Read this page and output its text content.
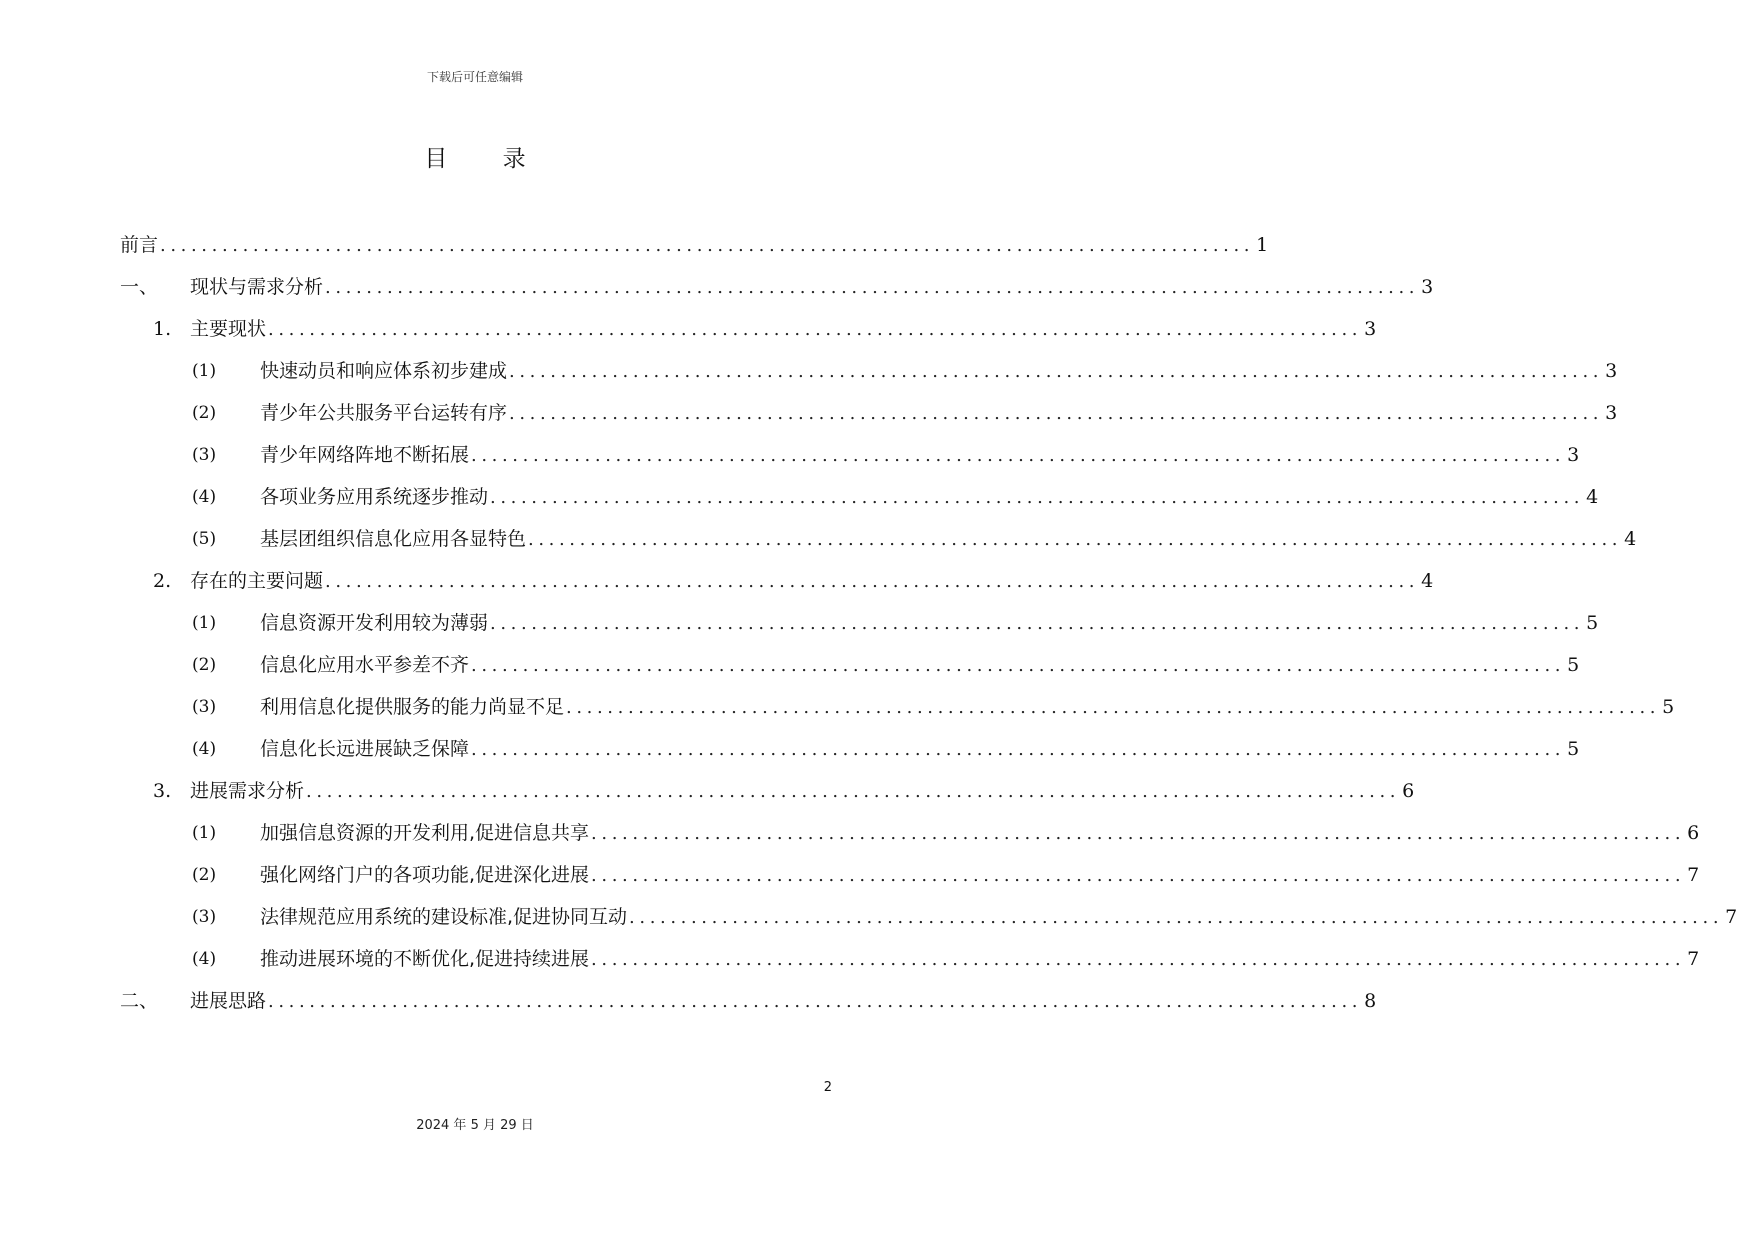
下载后可任意编辑
目 录
前言 .......................................................................................................... 1
一、 现状与需求分析 .......................................................................................................... 3
1. 主要现状 .......................................................................................................... 3
(1) 快速动员和响应体系初步建成 .......................................................................................................... 3
(2) 青少年公共服务平台运转有序 .......................................................................................................... 3
(3) 青少年网络阵地不断拓展 .......................................................................................................... 3
(4) 各项业务应用系统逐步推动 .......................................................................................................... 4
(5) 基层团组织信息化应用各显特色 .......................................................................................................... 4
2. 存在的主要问题 .......................................................................................................... 4
(1) 信息资源开发利用较为薄弱 .......................................................................................................... 5
(2) 信息化应用水平参差不齐 .......................................................................................................... 5
(3) 利用信息化提供服务的能力尚显不足 .......................................................................................................... 5
(4) 信息化长远进展缺乏保障 .......................................................................................................... 5
3. 进展需求分析 .......................................................................................................... 6
(1) 加强信息资源的开发利用,促进信息共享 .......................................................................................................... 6
(2) 强化网络门户的各项功能,促进深化进展 .......................................................................................................... 7
(3) 法律规范应用系统的建设标准,促进协同互动 .......................................................................................................... 7
(4) 推动进展环境的不断优化,促进持续进展 .......................................................................................................... 7
二、 进展思路 .......................................................................................................... 8
2
2024 年 5 月 29 日
